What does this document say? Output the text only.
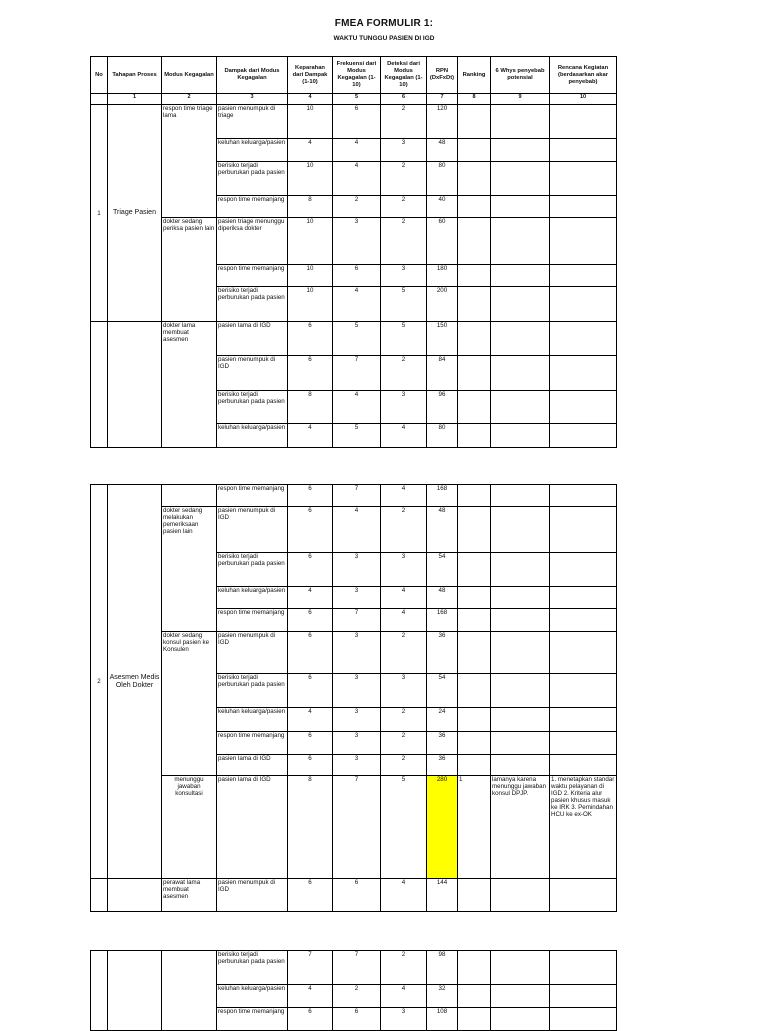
FMEA FORMULIR 1:
WAKTU TUNGGU PASIEN DI IGD
No	Tahapan Proses	Modus Kegagalan	Dampak dari Modus Kegagalan	Keparahan dari Dampak (1-10)	Frekuensi dari Modus Kegagalan (1-10)	Deteksi dari Modus Kegagalan (1-10)	RPN (DxFxDt)	Ranking	6 Whys penyebab potensial	Rencana Kegiatan (berdasarkan akar penyebab)
	1	2	3	4	5	6	7	8	9	10
1	Triage Pasien	respon time triage lama	pasien menumpuk di triage	10	6	2	120			
			keluhan keluarga/pasien	4	4	3	48			
			berisiko terjadi perburukan pada pasien	10	4	2	80			
			respon time memanjang	8	2	2	40			
		dokter sedang periksa pasien lain	pasien triage menunggu diperiksa dokter	10	3	2	60			
			respon time memanjang	10	6	3	180			
			berisiko terjadi perburukan pada pasien	10	4	5	200			
		dokter lama membuat asesmen	pasien lama di IGD	6	5	5	150			
			pasien menumpuk di IGD	6	7	2	84			
			berisiko terjadi perburukan pada pasien	8	4	3	96			
			keluhan keluarga/pasien	4	5	4	80			
2	Asesmen Medis Oleh Dokter		respon time memanjang	6	7	4	168			
		dokter sedang melakukan pemeriksaan pasien lain	pasien menumpuk di IGD	6	4	2	48			
			berisiko terjadi perburukan pada pasien	6	3	3	54			
			keluhan keluarga/pasien	4	3	4	48			
			respon time memanjang	6	7	4	168			
		dokter sedang konsul pasien ke Konsulen	pasien menumpuk di IGD	6	3	2	36			
			berisiko terjadi perburukan pada pasien	6	3	3	54			
			keluhan keluarga/pasien	4	3	2	24			
			respon time memanjang	6	3	2	36			
			pasien lama di IGD	6	3	2	36			
		menunggu jawaban konsultasi	pasien lama di IGD	8	7	5	280	1	lamanya karena menunggu jawaban konsul DPJP.	1. menetapkan standar waktu pelayanan di IGD 2. Kriteria alur pasien khusus masuk ke IRK 3. Pemindahan HCU ke ex-OK
		perawat lama membuat asesmen	pasien menumpuk di IGD	6	6	4	144			
			berisiko terjadi perburukan pada pasien	7	7	2	98			
			keluhan keluarga/pasien	4	2	4	32			
			respon time memanjang	6	6	3	108			
